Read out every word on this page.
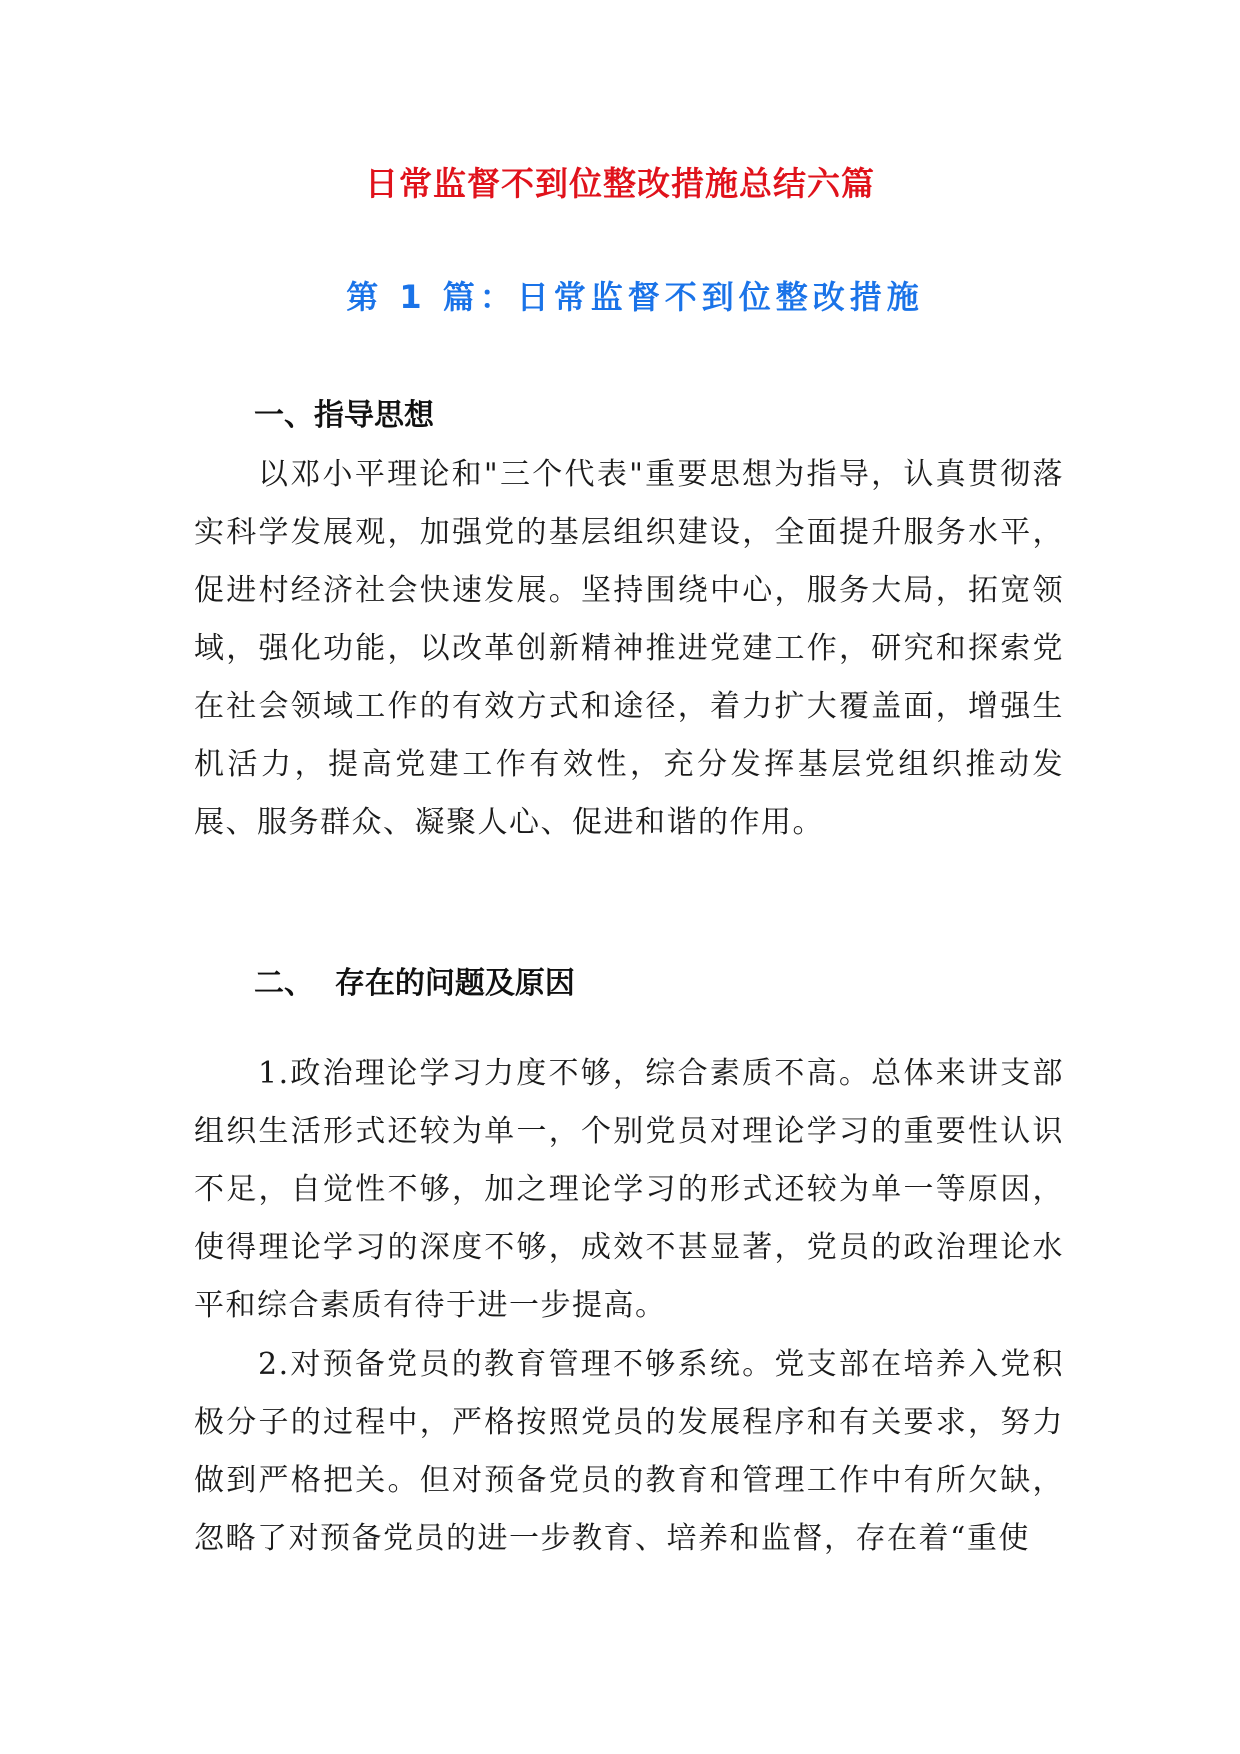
日常监督不到位整改措施总结六篇
第 1 篇：日常监督不到位整改措施
一、指导思想
以邓小平理论和"三个代表"重要思想为指导，认真贯彻落实科学发展观，加强党的基层组织建设，全面提升服务水平，促进村经济社会快速发展。坚持围绕中心，服务大局，拓宽领域，强化功能，以改革创新精神推进党建工作，研究和探索党在社会领域工作的有效方式和途径，着力扩大覆盖面，增强生机活力，提高党建工作有效性，充分发挥基层党组织推动发展、服务群众、凝聚人心、促进和谐的作用。
二、  存在的问题及原因
1.政治理论学习力度不够，综合素质不高。总体来讲支部组织生活形式还较为单一，个别党员对理论学习的重要性认识不足，自觉性不够，加之理论学习的形式还较为单一等原因，使得理论学习的深度不够，成效不甚显著，党员的政治理论水平和综合素质有待于进一步提高。
2.对预备党员的教育管理不够系统。党支部在培养入党积极分子的过程中，严格按照党员的发展程序和有关要求，努力做到严格把关。但对预备党员的教育和管理工作中有所欠缺，忽略了对预备党员的进一步教育、培养和监督，存在着“重使
